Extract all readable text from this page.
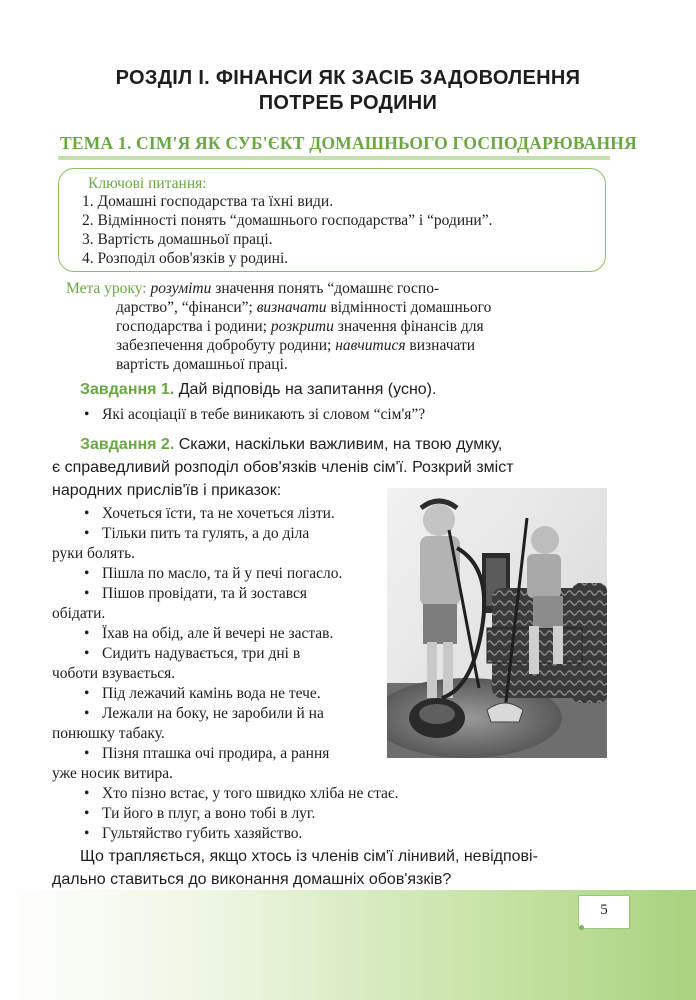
РОЗДІЛ І. ФІНАНСИ ЯК ЗАСІБ ЗАДОВОЛЕННЯ
ПОТРЕБ РОДИНИ
ТЕМА 1. СІМ'Я ЯК СУБ'ЄКТ ДОМАШНЬОГО ГОСПОДАРЮВАННЯ
Ключові питання:
1. Домашні господарства та їхні види.
2. Відмінності понять “домашнього господарства” і “родини”.
3. Вартість домашньої праці.
4. Розподіл обов'язків у родині.
Мета уроку: розуміти значення понять “домашнє госпо-
дарство”, “фінанси”; визначати відмінності домашнього
господарства і родини; розкрити значення фінансів для
забезпечення добробуту родини; навчитися визначати
вартість домашньої праці.
Завдання 1. Дай відповідь на запитання (усно).
• Які асоціації в тебе виникають зі словом “сім'я”?
Завдання 2. Скажи, наскільки важливим, на твою думку,
є справедливий розподіл обов'язків членів сім'ї. Розкрий зміст
народних прислів'їв і приказок:
• Хочеться їсти, та не хочеться лізти.
• Тільки пить та гулять, а до діла
руки болять.
• Пішла по масло, та й у печі погасло.
• Пішов провідати, та й зостався
обідати.
• Їхав на обід, але й вечері не застав.
• Сидить надувається, три дні в
чоботи взувається.
• Під лежачий камінь вода не тече.
• Лежали на боку, не заробили й на
понюшку табаку.
• Пізня пташка очі продира, а рання
уже носик витира.
• Хто пізно встає, у того швидко хліба не стає.
• Ти його в плуг, а воно тобі в луг.
• Гультяйство губить хазяйство.
Що трапляється, якщо хтось із членів сім'ї лінивий, невідпові-
дально ставиться до виконання домашніх обов'язків?
5
